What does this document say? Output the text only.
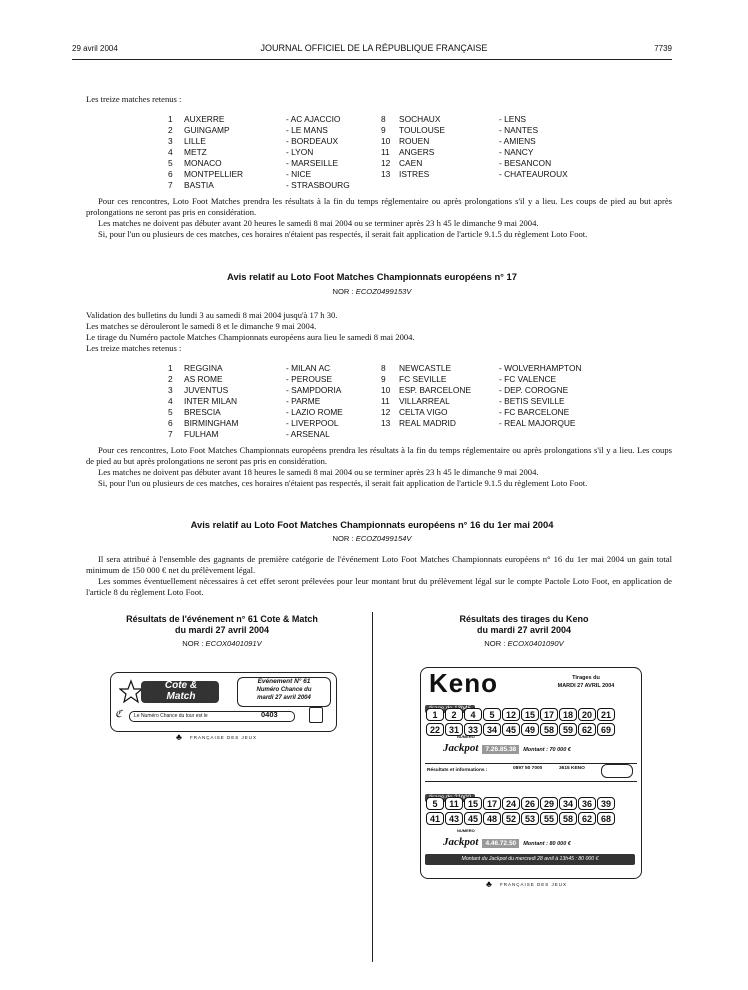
29 avril 2004	JOURNAL OFFICIEL DE LA RÉPUBLIQUE FRANÇAISE	7739
Les treize matches retenus :
1 AUXERRE	- AC AJACCIO
2 GUINGAMP	- LE MANS
3 LILLE	- BORDEAUX
4 METZ	- LYON
5 MONACO	- MARSEILLE
6 MONTPELLIER	- NICE
7 BASTIA	- STRASBOURG
8 SOCHAUX	- LENS
9 TOULOUSE	- NANTES
10 ROUEN	- AMIENS
11 ANGERS	- NANCY
12 CAEN	- BESANCON
13 ISTRES	- CHATEAUROUX
Pour ces rencontres, Loto Foot Matches prendra les résultats à la fin du temps réglementaire ou après prolongations s'il y a lieu. Les coups de pied au but après prolongations ne seront pas pris en considération.
Les matches ne doivent pas débuter avant 20 heures le samedi 8 mai 2004 ou se terminer après 23 h 45 le dimanche 9 mai 2004.
Si, pour l'un ou plusieurs de ces matches, ces horaires n'étaient pas respectés, il serait fait application de l'article 9.1.5 du règlement Loto Foot.
Avis relatif au Loto Foot Matches Championnats européens n° 17
NOR : ECOZ0499153V
Validation des bulletins du lundi 3 au samedi 8 mai 2004 jusqu'à 17 h 30.
Les matches se dérouleront le samedi 8 et le dimanche 9 mai 2004.
Le tirage du Numéro pactole Matches Championnats européens aura lieu le samedi 8 mai 2004.
Les treize matches retenus :
1 REGGINA	- MILAN AC
2 AS ROME	- PEROUSE
3 JUVENTUS	- SAMPDORIA
4 INTER MILAN	- PARME
5 BRESCIA	- LAZIO ROME
6 BIRMINGHAM	- LIVERPOOL
7 FULHAM	- ARSENAL
8 NEWCASTLE	- WOLVERHAMPTON
9 FC SEVILLE	- FC VALENCE
10 ESP. BARCELONE	- DEP. COROGNE
11 VILLARREAL	- BETIS SEVILLE
12 CELTA VIGO	- FC BARCELONE
13 REAL MADRID	- REAL MAJORQUE
Pour ces rencontres, Loto Foot Matches Championnats européens prendra les résultats à la fin du temps réglementaire ou après prolongations s'il y a lieu. Les coups de pied au but après prolongations ne seront pas pris en considération.
Les matches ne doivent pas débuter avant 18 heures le samedi 8 mai 2004 ou se terminer après 23 h 45 le dimanche 9 mai 2004.
Si, pour l'un ou plusieurs de ces matches, ces horaires n'étaient pas respectés, il serait fait application de l'article 9.1.5 du règlement Loto Foot.
Avis relatif au Loto Foot Matches Championnats européens n° 16 du 1er mai 2004
NOR : ECOZ0499154V
Il sera attribué à l'ensemble des gagnants de première catégorie de l'événement Loto Foot Matches Championnats européens n° 16 du 1er mai 2004 un gain total minimum de 150 000 € net du prélèvement légal.
Les sommes éventuellement nécessaires à cet effet seront prélevées pour leur montant brut du prélèvement légal sur le compte Pactole Loto Foot, en application de l'article 8 du règlement Loto Foot.
Résultats de l'événement n° 61 Cote & Match
du mardi 27 avril 2004
NOR : ECOX0401091V
Cote &
Match
Evénement N° 61
Numéro Chance du
mardi 27 avril 2004
ℭ	Le Numéro Chance du tour est le	0403
♣ FRANÇAISE DES JEUX
Résultats des tirages du Keno
du mardi 27 avril 2004
NOR : ECOX0401090V
Keno	Tirages du
MARDI 27 AVRIL 2004
1	2	4	5	12 15 17 18 20 21
22 31 33 34 45 49 58 59 62 69
NUMERO
Jackpot 7.26.85.38 Montant : 70 000 €
Résultats et informations :	0897 50 7000	3615 KENO
5	11	15 17 24 26 29 34 36 39
41 43 45 48 52 53 55 58 62 68
NUMERO
Jackpot 4.46.72.50 Montant : 80 000 €
Montant du Jackpot du mercredi 28 avril à 13h45 : 80 000 €
♣ FRANÇAISE DES JEUX
